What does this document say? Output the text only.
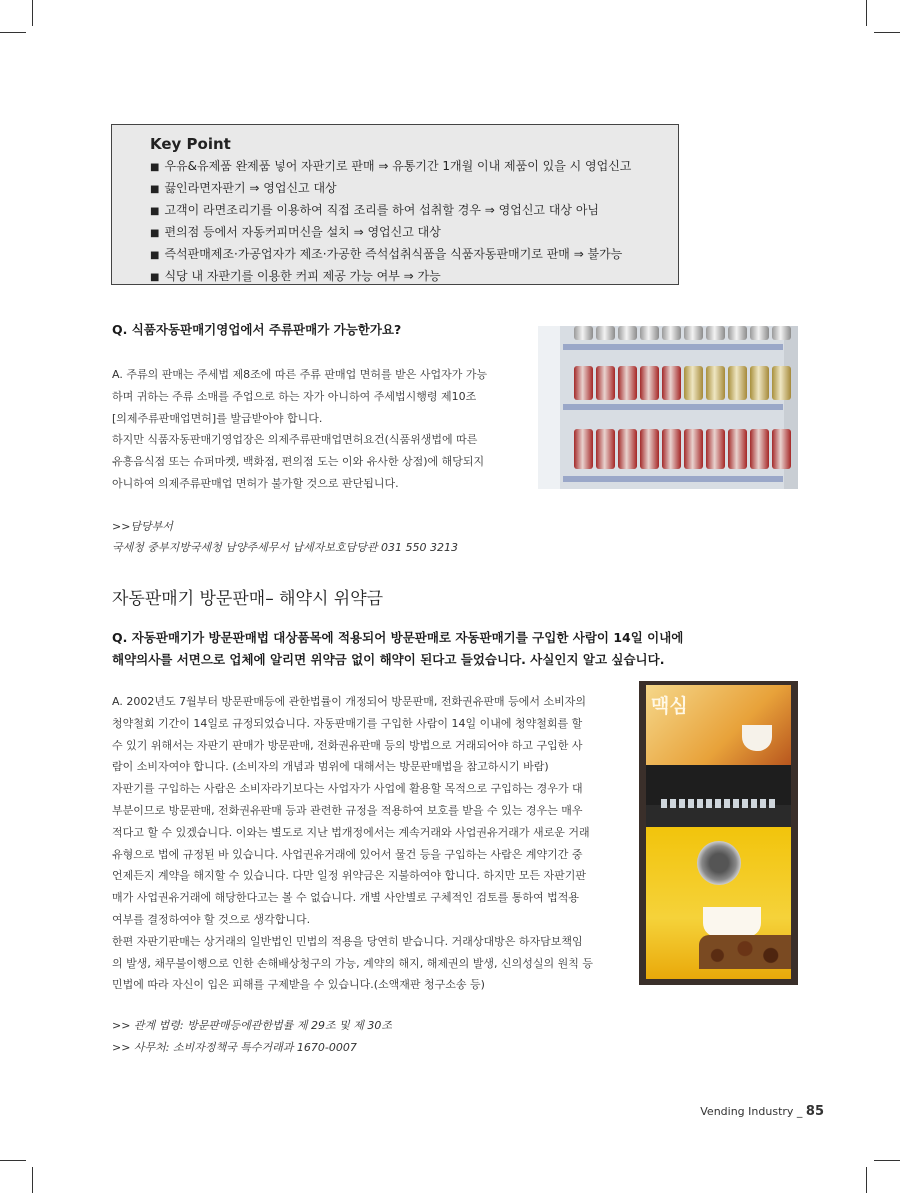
Key Point
■ 우유&유제품 완제품 넣어 자판기로 판매 ⇒ 유통기간 1개월 이내 제품이 있을 시 영업신고
■ 끓인라면자판기 ⇒ 영업신고 대상
■ 고객이 라면조리기를 이용하여 직접 조리를 하여 섭취할 경우 ⇒ 영업신고 대상 아님
■ 편의점 등에서 자동커피머신을 설치 ⇒ 영업신고 대상
■ 즉석판매제조·가공업자가 제조·가공한 즉석섭취식품을 식품자동판매기로 판매 ⇒ 불가능
■ 식당 내 자판기를 이용한 커피 제공 가능 여부 ⇒ 가능
Q. 식품자동판매기영업에서 주류판매가 가능한가요?

A. 주류의 판매는 주세법 제8조에 따른 주류 판매업 면허를 받은 사업자가 가능

하며 귀하는 주류 소매를 주업으로 하는 자가 아니하여 주세법시행령 제10조

[의제주류판매업면허]를 발급받아야 합니다.

하지만 식품자동판매기영업장은 의제주류판매업면허요건(식품위생법에 따른

유흥음식점 또는 슈퍼마켓, 백화점, 편의점 도는 이와 유사한 상점)에 해당되지

아니하여 의제주류판매업 면허가 불가할 것으로 판단됩니다.

>>담당부서
국세청 중부지방국세청 남양주세무서 납세자보호담당관 031 550 3213
자동판매기 방문판매– 해약시 위약금
Q. 자동판매기가 방문판매법 대상품목에 적용되어 방문판매로 자동판매기를 구입한 사람이 14일 이내에
해약의사를 서면으로 업체에 알리면 위약금 없이 해약이 된다고 들었습니다. 사실인지 알고 싶습니다.

A. 2002년도 7월부터 방문판매등에 관한법률이 개정되어 방문판매, 전화권유판매 등에서 소비자의

청약철회 기간이 14일로 규정되었습니다. 자동판매기를 구입한 사람이 14일 이내에 청약철회를 할

수 있기 위해서는 자판기 판매가 방문판매, 전화권유판매 등의 방법으로 거래되어야 하고 구입한 사

람이 소비자여야 합니다. (소비자의 개념과 범위에 대해서는 방문판매법을 참고하시기 바람)

자판기를 구입하는 사람은 소비자라기보다는 사업자가 사업에 활용할 목적으로 구입하는 경우가 대

부분이므로 방문판매, 전화권유판매 등과 관련한 규정을 적용하여 보호를 받을 수 있는 경우는 매우

적다고 할 수 있겠습니다. 이와는 별도로 지난 법개정에서는 계속거래와 사업권유거래가 새로운 거래

유형으로 법에 규정된 바 있습니다. 사업권유거래에 있어서 물건 등을 구입하는 사람은 계약기간 중

언제든지 계약을 해지할 수 있습니다. 다만 일정 위약금은 지불하여야 합니다. 하지만 모든 자판기판

매가 사업권유거래에 해당한다고는 볼 수 없습니다. 개별 사안별로 구체적인 검토를 통하여 법적용

여부를 결정하여야 할 것으로 생각합니다.

한편 자판기판매는 상거래의 일반법인 민법의 적용을 당연히 받습니다. 거래상대방은 하자담보책임

의 발생, 채무불이행으로 인한 손해배상청구의 가능, 계약의 해지, 해제권의 발생, 신의성실의 원칙 등

민법에 따라 자신이 입은 피해를 구제받을 수 있습니다.(소액재판 청구소송 등)

>> 관계 법령: 방문판매등에관한법률 제 29조 및 제 30조
>> 사무처: 소비자정책국 특수거래과 1670-0007
맥심
Vending Industry _ 85
